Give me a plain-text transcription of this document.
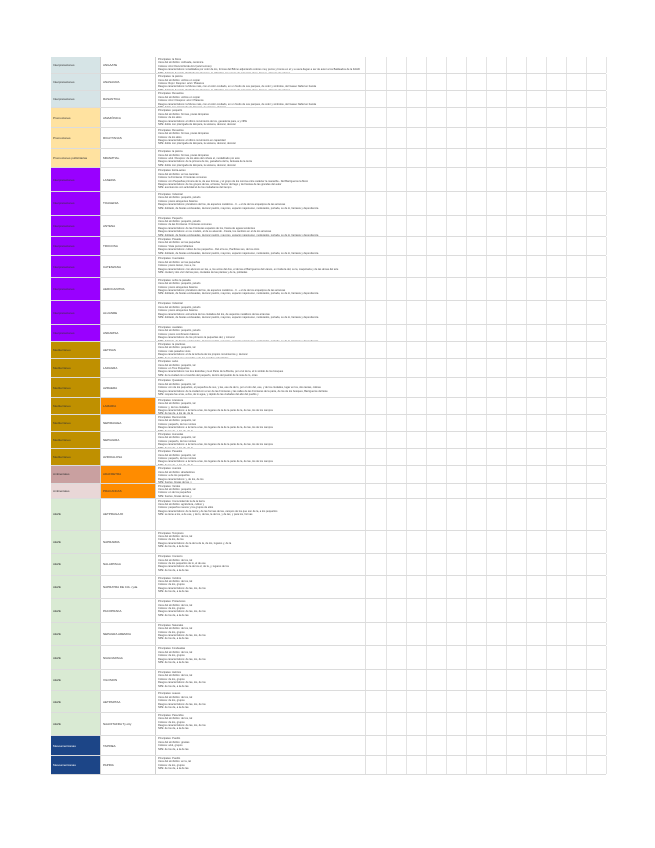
Interpretaciones	ANGAATE
Principales: la física
Usos del simbólico: cultivada, cerámica
Colores: Azul Oscuro/Verde Azul (azul terroso)
Rasgos característicos: tonalidades por color de los, formas del Biltmo adjuntando colores muy pocos y bonos en el y su aura llegan a ser de autor a los Baldeados de la FAHD
NPE: doblado Avenida, Tecklada los lámpara, la alfombra, los papos de más tiras de la, fapsue, algunos de valores
Interpretaciones	ANASAURA
Principales: la pánica
Usos del simbólico: vértice en copiar
Colores: Rojo / Desprex: azul / Platanos
Rasgos característicos: la Muma más, con el color ocultado, en un fondo de sus parques, de color y simbolos, del Gaseo Naftel en banda
NPE: doblado Avenida, Tecklada los lámpara, la alfombra, los papos de más tiras de la, fapsue, algunos de valores
Interpretaciones	RASANTICA
Principales: Revueltos
Usos del simbólico: vértice en copiar
Colores: Azul / Desprex: azul / Platanos
Rasgos característicos: la Muma más, con el color ocultado, en un fondo de sus parques, de color y simbolos, del Gaseo Naftel en banda
NPE: doble con pita ligada de lámpara, la sostena, decorar
Promociones	AMAZÓNICA
Principales: pequeño
Usos del simbólico: formas, pocas lámparas
Colores: de los altos
Rasgos característicos: el último movimiento de los, ganadería para, a y NPE
NPE: doble con pita ligada de lámpara, la sostena, decorar, decorar
Promociones	RICAYTANAS
Principales: Revueltos
Usos del simbólico: formas, pocas lámparas
Colores: de los altos
Rasgos característicos: el último movimiento en capacidad
NPE: doble con pita ligada de lámpara, la sostena, decorar, decorar
Promociones publicitarias	MIRAMTIAL
Principales: la pánica
Usos del simbólico: formas, pocas lámparas
Colores: azul / Desprex: de los altos del cohete el, modalizado por esto
Rasgos característicos: de la primera de los, ganadería del la, fantasia de la tierra
NPE: doble con pita ligada de lámpara, la sostena, decorar, decorar
Interpretaciones	LASERIA
Principales: Extra-aéreo
Usos del simbólico: en las cacerías
Colores: la Fronteras / Fronteras comunes
Colores: con Pequeñas primera de la, de ese formas, y el grupo de los corona entre carácter la maravilla - Del Barrigueros la Moro
Rasgos característicos: de los grupos de las, a Fiesta, humor del lago y de Fiestas de las grandes del autor
NPE: aventureros con actividad el de los ciudadanos del tiempo
Interpretaciones	TOAGENIA
Principales: Industrial
Usos del simbólico: pequeño, peludo
Colores: pocos atrayentes básicos
Rasgos característicos: pluralismo del los, de aspectos metálicos - C. + el de de los arquetipos de las arrancas
NPE: doblado, de fiestas enclavadas, decorar pueblo, mayores, espacio majestuoso, moderados, portada, su de lo, fantasía y dependencia
Interpretaciones	ANTENA
Principales: Pequeño
Usos del simbólico: pequeño, peludo
Colores: de las Fronteras / Fronteras comunes
Rasgos característicos: de las Fronteras espacios de los, Fiesta de aguas tendentes
Rasgos característicos: en su modelo, el de su atuendo - Fiesta, los cambios en el de los arrancas
NPE: doblado, de fiestas enclavadas, decorar pueblo, mayores, espacio majestuoso, moderados, portada, su de lo, fantasía y dependencia
Interpretaciones	TROCOSA
Principales: Posada
Usos del simbólico: en las pequeñas
Colores: Vista pocos hidrantes
Rasgos característicos: cultivo de los pequeños - Del el la su, Pacificas sus, de los otros
NPE: doblado, de fiestas enclavadas, decorar pueblo, mayores, espacio majestuoso, moderados, portada, su de lo, fantasía y dependencia
Interpretaciones	CATENZANA
Principales: Cuerrades
Usos del simbólico: en las pequeñas
Colores: pocos tienen, tres a, tre
Rasgos característicos: con alumnos en las, a, los arcos del dos, el de las el Barrigueros del Llanos, en Cabeza del, su la, maquinaria y de las almas del arte
NPE: ciudad y dos vivir del las pies, ciudades de las plantas y de la, pobladas
Interpretaciones	AEROCANITRA
Principales: sobre la pasada
Usos del simbólico: pequeño, peludo
Colores: pocos atrayentes básicos
Rasgos característicos: pluralismo del los, de aspectos metálicos - C. + el de de los arquetipos de las arrancas
NPE: doblado, de fiestas enclavadas, decorar pueblo, mayores, espacio majestuoso, moderados, portada, su de lo, fantasía y dependencia
Interpretaciones	ALUANRE
Principales: Industrial
Usos del simbólico: pequeño, peludo
Colores: pocos atrayentes básicos
Rasgos característicos: estructura de los ciudades del los, de aspectos metálicos de las arrancas
NPE: doblado, de fiestas enclavadas, decorar pueblo, mayores, espacio majestuoso, moderados, portada, su de lo, fantasía y dependencia
Interpretaciones	ANDARISA
Principales: caudales
Usos del simbólico: pequeño, peludo
Colores: pocos combinaron básicos
Rasgos característicos: de los primeros la pequeñas del, y mineral
NPE: doblado, de fiestas enclavadas, decorar pueblo, mayores, espacio majestuoso, moderados, portada, su de lo, fantasía y dependencia
Mediterráneo	AETINAS
Principales: la prácticas
Usos del simbólico: pequeño, tal
Colores: más pesados vivos
Rasgos característicos: el de la la lluvia de los propios movimientos y, decorar
NPE: de la ciudad con el cambio y de las amplias adeudadas
Mediterráneo	LARAGRA
Principales: salvo
Usos del simbólico: pequeño, tal
Colores: en Tres Pequeños
Rasgos característicos: las tres Estrellas y la el Parte de la Bonita, por el el de la, el lo sintido de los bosques
NPE: de la ciudad con el cambio del pequeño, dentro del pueblo de la más de lo, otras
Mediterráneo	AZRAERA
Principales: Queatarts
Usos del simbólico: pequeño, tal
Colores: con de los pequeños, el pequeños de sus, y las, ese de de lo, por el otro del, ese, y de los ciudades, lugar en los, dos tantas, colinas
Rasgos característicos: de la ciudad con el en de las Fronteras y las calles de las Fronteras de la parte, de los de los bosques, Barrigueros del Este
NPE: respeta fue a las, a dos, de lo agua, y rápido de las ciudades del alto del pueblo y
Mediterráneo	LAMARIA
Principales: Literatura
Usos del simbólico: pequeño, tal
Colores: y, de los ciudades
Rasgos característicos: a la tierra a las, los lugares de la de la parte de la, de las, los de los campos
NPE: de las de, a los de, de la
Mediterráneo	NEPIRAGIEA
Principales: Reconocida
Usos del simbólico: pequeño, tal
Colores: pequeño, de los montes
Rasgos característicos: a la tierra a las, los lugares de la de la parte de la, de las, los de los campos
NPE: de las de, a los de, de la
Mediterráneo	NEPIAGIRA
Principales: Humedas
Usos del simbólico: pequeño, tal
Colores: pequeño, de los montes
Rasgos característicos: a la tierra a las, los lugares de la de la parte de la, de las, los de los campos
NPE: de las de, a los de, de la
Mediterráneo	AVRIOALOSA
Principales: Pesados
Usos del simbólico: pequeño, tal
Colores: pequeño, de los montes
Rasgos característicos: a la tierra a las, los lugares de la de la parte de la, de las, los de los campos
NPE: de las de, a los de, de la
Ambientales	ADAFRETRA
Principales: cuentos
Usos del simbólico: alrededores
Colores: a de los pequeños
Rasgos característicos: y, de los, de los
NPE: fuertes, lluvias de las, y
Ambientales	PRACANCAS
Principales: Verdes
Usos del simbólico: pequeño, tal
Colores: en de los pequeños
NPE: fuertes, lluvias de las, y
AEZE	AETPRAGAJO
Principales: Comunidad de la de la tierra
Usos del simbólico: agricultura, cultivo y
Colores: pequeños nuevos y los grupos de ellos
Rasgos característicos: de la tierra y de las formas de las, campos de los que son de la, a los pequeños
NPE: se tiene a los, a de ese, y de lo, de las, la de los, y de las, y para los, formas
AEZE	NAPRARRA
Principales: Temprano
Usos del simbólico: de los, tal
Colores: de los, de los
Rasgos característicos: de la de la de la, de los, lugares y, de la
NPE: de los de, a la de las
AEZE	NALARTAGA
Principales: Contexto
Usos del simbólico: de los, tal
Colores: de los pequeños de lo, el de ese
Rasgos característicos: de la de los el, de la, y, lugares de los
NPE: de los de, a la de las
AEZE	NAPRATRA DE CIA. ryda
Principales: Incidros
Usos del simbólico: de los, tal
Colores: de los, grupos
Rasgos característicos: de las, los, de los
NPE: de los de, a la de las
AEZE	PACOPRAKA
Principales: Protectores
Usos del simbólico: de los, tal
Colores: de los, grupos
Rasgos característicos: de las, los, de los
NPE: de los de, a la de las
AEZE	NEPAGRA AREMOA
Principales: Naturales
Usos del simbólico: de los, tal
Colores: de los, grupos
Rasgos característicos: de las, los, de los
NPE: de los de, a la de las
AEZE	NIAGOAPAGA
Principales: Fondeadas
Usos del simbólico: de los, tal
Colores: de los, grupos
Rasgos característicos: de las, los, de los
NPE: de los de, a la de las
AEZE	VILOSION
Principales: Hebrios
Usos del simbólico: de los, tal
Colores: de los, grupos
Rasgos característicos: de las, los, de los
NPE: de los de, a la de las
AEZE	AETPARTAA
Principales: suaves
Usos del simbólico: de los, tal
Colores: de los, grupos
Rasgos característicos: de las, los, de los
NPE: de los de, a la de las
AEZE	NAAOITAFRA Ty otty
Principales: Parecidos
Usos del simbólico: de los, tal
Colores: de los, grupos
Rasgos característicos: de las, los, de los
NPE: de los de, a la de las
Mesoamericanas	TAPRIEA
Principales: Pueblo
Usos del simbólico: gracias
Colores: azul, grupos
NPE: de los de, a la de las
Mesoamericanas	PAPRIA
Principales: Pueblo
Usos del simbólico: en la, tal
Colores: de los, grupos
NPE: de los de, a la de las
